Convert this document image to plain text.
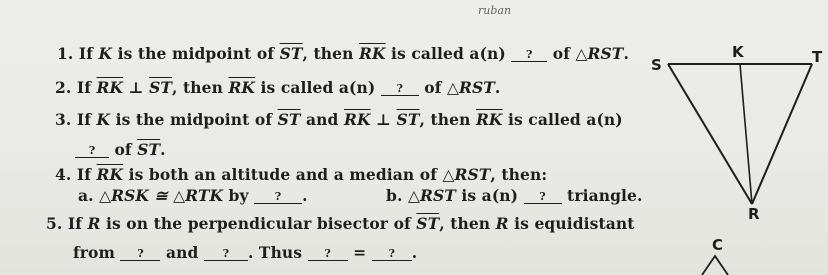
ruban
1. If K is the midpoint of $\overline{ST}$, then $\overline{RK}$ is called a(n) ? of △RST.
2. If $\overline{RK}$ ⊥ $\overline{ST}$, then $\overline{RK}$ is called a(n) ? of △RST.
3. If K is the midpoint of $\overline{ST}$ and $\overline{RK}$ ⊥ $\overline{ST}$, then $\overline{RK}$ is called a(n)
? of $\overline{ST}$.
4. If $\overline{RK}$ is both an altitude and a median of △RST, then:
a. △RSK ≅ △RTK by ? .	b. △RST is a(n) ? triangle.
5. If R is on the perpendicular bisector of $\overline{ST}$, then R is equidistant
from ? and ? . Thus ? = ? .
S
K	T
R
C
